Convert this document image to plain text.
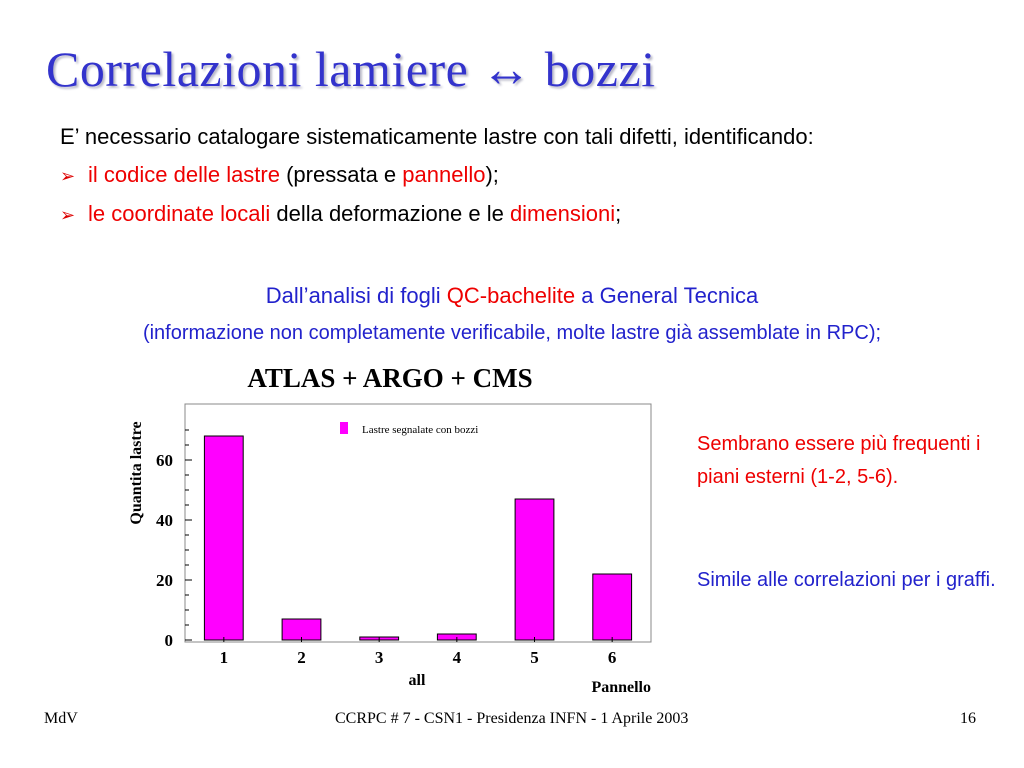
Correlazioni lamiere ↔ bozzi

E’ necessario catalogare sistematicamente lastre con tali difetti, identificando:

➢ il codice delle lastre (pressata e pannello);

➢ le coordinate locali della deformazione e le dimensioni;

Dall’analisi di fogli QC-bachelite a General Tecnica
(informazione non completamente verificabile, molte lastre già assemblate in RPC);
ATLAS + ARGO + CMS
0
20
40
60
1	2	3	4	5	6
Lastre segnalate con bozzi
Quantita lastre
all	Pannello

Sembrano essere più frequenti i piani esterni (1-2, 5-6).

Simile alle correlazioni per i graffi.

MdV	CCRPC # 7 - CSN1 - Presidenza INFN - 1 Aprile 2003	16
